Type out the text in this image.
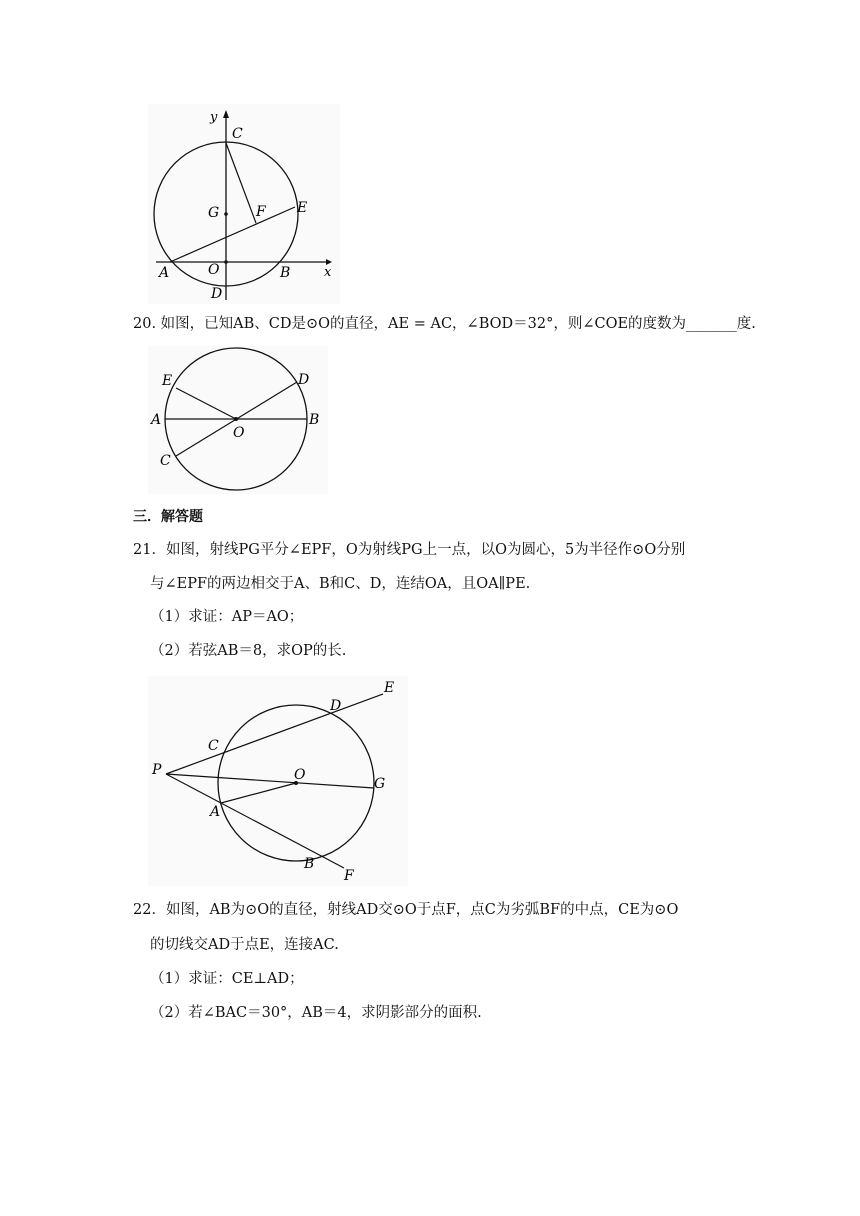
y
C
G	F E
A	O	B	x
D
20. 如图，已知AB、CD是⊙O的直径，AE = AC，∠BOD＝32°，则∠COE的度数为_______度.
E	D
A
O
B
C
三．解答题
21．如图，射线PG平分∠EPF，O为射线PG上一点，以O为圆心，5为半径作⊙O分别
与∠EPF的两边相交于A、B和C、D，连结OA，且OA∥PE.
（1）求证：AP＝AO；
（2）若弦AB＝8，求OP的长.
E
D
C
P	O
G
A
B
F
22．如图，AB为⊙O的直径，射线AD交⊙O于点F，点C为劣弧BF的中点，CE为⊙O
的切线交AD于点E，连接AC.
（1）求证：CE⊥AD；
（2）若∠BAC＝30°，AB＝4，求阴影部分的面积.
